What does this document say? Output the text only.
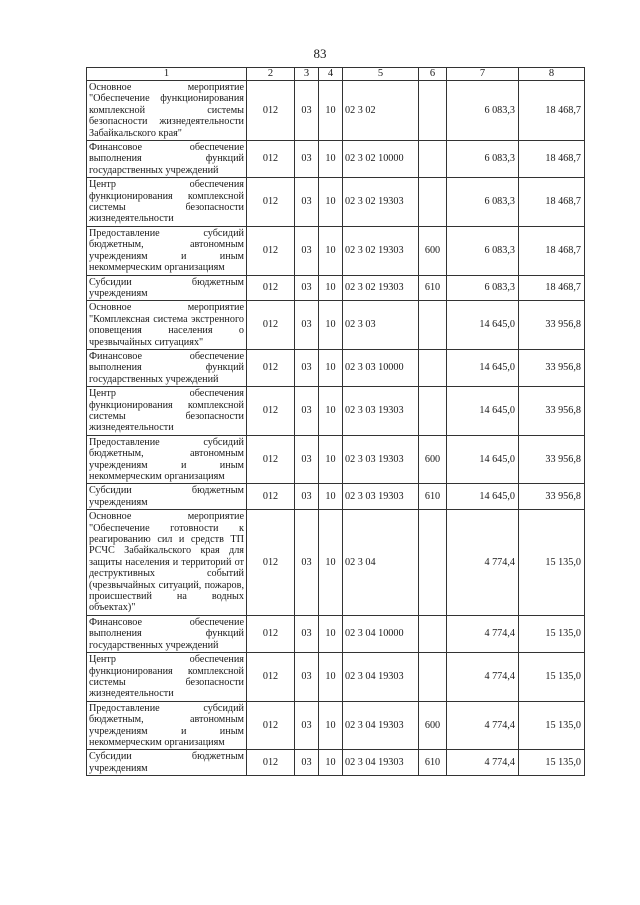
83
1	2	3	4	5	6	7	8
Основное мероприятие "Обеспечение функционирования комплексной системы безопасности жизнедеятельности Забайкальского края"	012	03	10	02 3 02		6 083,3	18 468,7
Финансовое обеспечение выполнения функций государственных учреждений	012	03	10	02 3 02 10000		6 083,3	18 468,7
Центр обеспечения функционирования комплексной системы безопасности жизнедеятельности	012	03	10	02 3 02 19303		6 083,3	18 468,7
Предоставление субсидий бюджетным, автономным учреждениям и иным некоммерческим организациям	012	03	10	02 3 02 19303	600	6 083,3	18 468,7
Субсидии бюджетным учреждениям	012	03	10	02 3 02 19303	610	6 083,3	18 468,7
Основное мероприятие "Комплексная система экстренного оповещения населения о чрезвычайных ситуациях"	012	03	10	02 3 03		14 645,0	33 956,8
Финансовое обеспечение выполнения функций государственных учреждений	012	03	10	02 3 03 10000		14 645,0	33 956,8
Центр обеспечения функционирования комплексной системы безопасности жизнедеятельности	012	03	10	02 3 03 19303		14 645,0	33 956,8
Предоставление субсидий бюджетным, автономным учреждениям и иным некоммерческим организациям	012	03	10	02 3 03 19303	600	14 645,0	33 956,8
Субсидии бюджетным учреждениям	012	03	10	02 3 03 19303	610	14 645,0	33 956,8
Основное мероприятие "Обеспечение готовности к реагированию сил и средств ТП РСЧС Забайкальского края для защиты населения и территорий от деструктивных событий (чрезвычайных ситуаций, пожаров, происшествий на водных объектах)"	012	03	10	02 3 04		4 774,4	15 135,0
Финансовое обеспечение выполнения функций государственных учреждений	012	03	10	02 3 04 10000		4 774,4	15 135,0
Центр обеспечения функционирования комплексной системы безопасности жизнедеятельности	012	03	10	02 3 04 19303		4 774,4	15 135,0
Предоставление субсидий бюджетным, автономным учреждениям и иным некоммерческим организациям	012	03	10	02 3 04 19303	600	4 774,4	15 135,0
Субсидии бюджетным учреждениям	012	03	10	02 3 04 19303	610	4 774,4	15 135,0
